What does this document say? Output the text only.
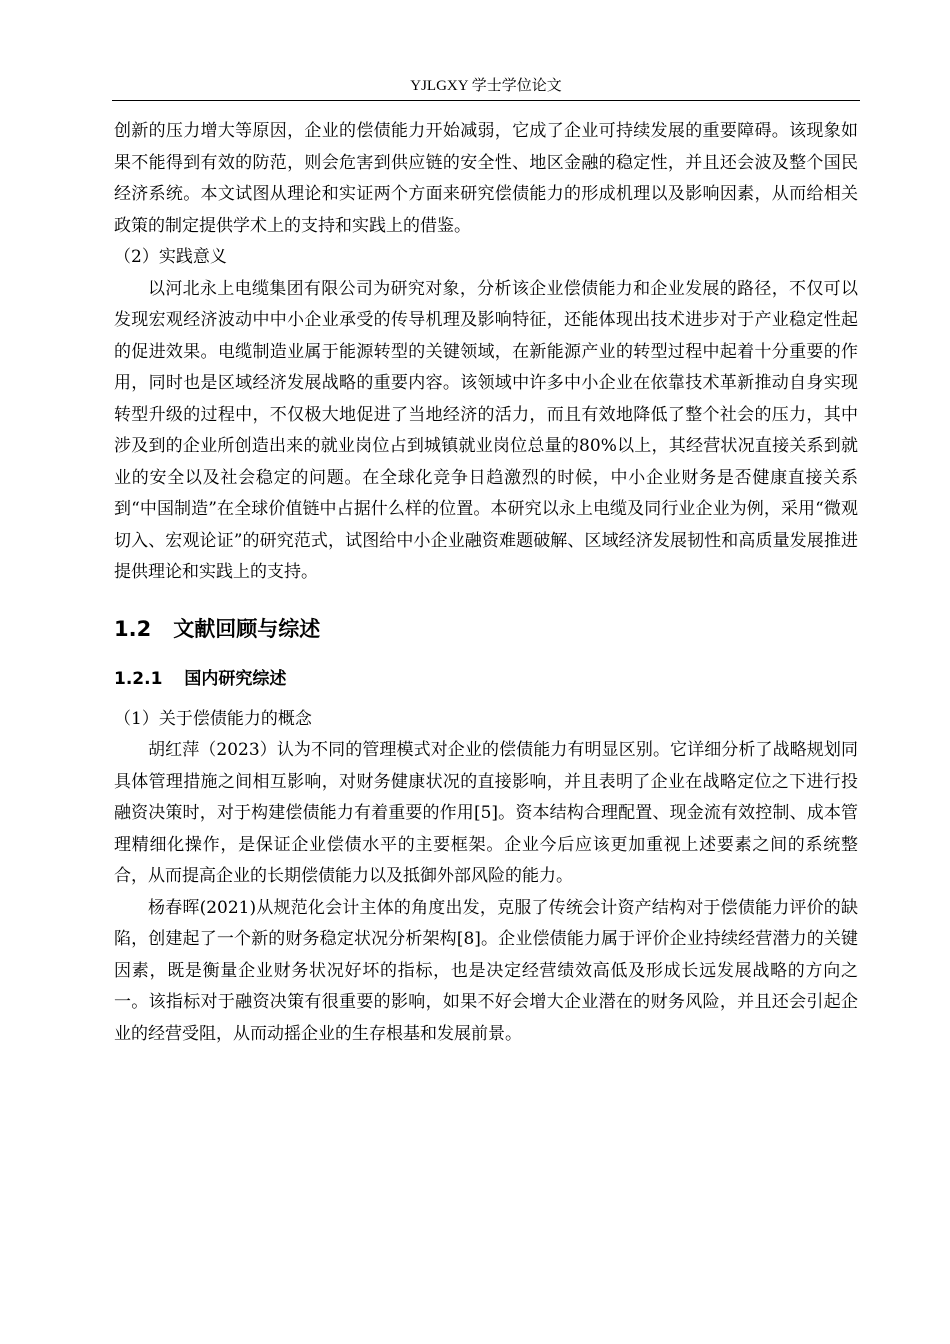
YJLGXY 学士学位论文

创新的压力增大等原因，企业的偿债能力开始减弱，它成了企业可持续发展的重要障碍。该现象如果不能得到有效的防范，则会危害到供应链的安全性、地区金融的稳定性，并且还会波及整个国民经济系统。本文试图从理论和实证两个方面来研究偿债能力的形成机理以及影响因素，从而给相关政策的制定提供学术上的支持和实践上的借鉴。

（2）实践意义

以河北永上电缆集团有限公司为研究对象，分析该企业偿债能力和企业发展的路径，不仅可以发现宏观经济波动中中小企业承受的传导机理及影响特征，还能体现出技术进步对于产业稳定性起的促进效果。电缆制造业属于能源转型的关键领域，在新能源产业的转型过程中起着十分重要的作用，同时也是区域经济发展战略的重要内容。该领域中许多中小企业在依靠技术革新推动自身实现转型升级的过程中，不仅极大地促进了当地经济的活力，而且有效地降低了整个社会的压力，其中涉及到的企业所创造出来的就业岗位占到城镇就业岗位总量的80%以上，其经营状况直接关系到就业的安全以及社会稳定的问题。在全球化竞争日趋激烈的时候，中小企业财务是否健康直接关系到“中国制造”在全球价值链中占据什么样的位置。本研究以永上电缆及同行业企业为例，采用“微观切入、宏观论证”的研究范式，试图给中小企业融资难题破解、区域经济发展韧性和高质量发展推进提供理论和实践上的支持。

1.2 文献回顾与综述
1.2.1 国内研究综述

（1）关于偿债能力的概念

胡红萍（2023）认为不同的管理模式对企业的偿债能力有明显区别。它详细分析了战略规划同具体管理措施之间相互影响，对财务健康状况的直接影响，并且表明了企业在战略定位之下进行投融资决策时，对于构建偿债能力有着重要的作用[5]。资本结构合理配置、现金流有效控制、成本管理精细化操作，是保证企业偿债水平的主要框架。企业今后应该更加重视上述要素之间的系统整合，从而提高企业的长期偿债能力以及抵御外部风险的能力。

杨春晖(2021)从规范化会计主体的角度出发，克服了传统会计资产结构对于偿债能力评价的缺陷，创建起了一个新的财务稳定状况分析架构[8]。企业偿债能力属于评价企业持续经营潜力的关键因素，既是衡量企业财务状况好坏的指标，也是决定经营绩效高低及形成长远发展战略的方向之一。该指标对于融资决策有很重要的影响，如果不好会增大企业潜在的财务风险，并且还会引起企业的经营受阻，从而动摇企业的生存根基和发展前景。
